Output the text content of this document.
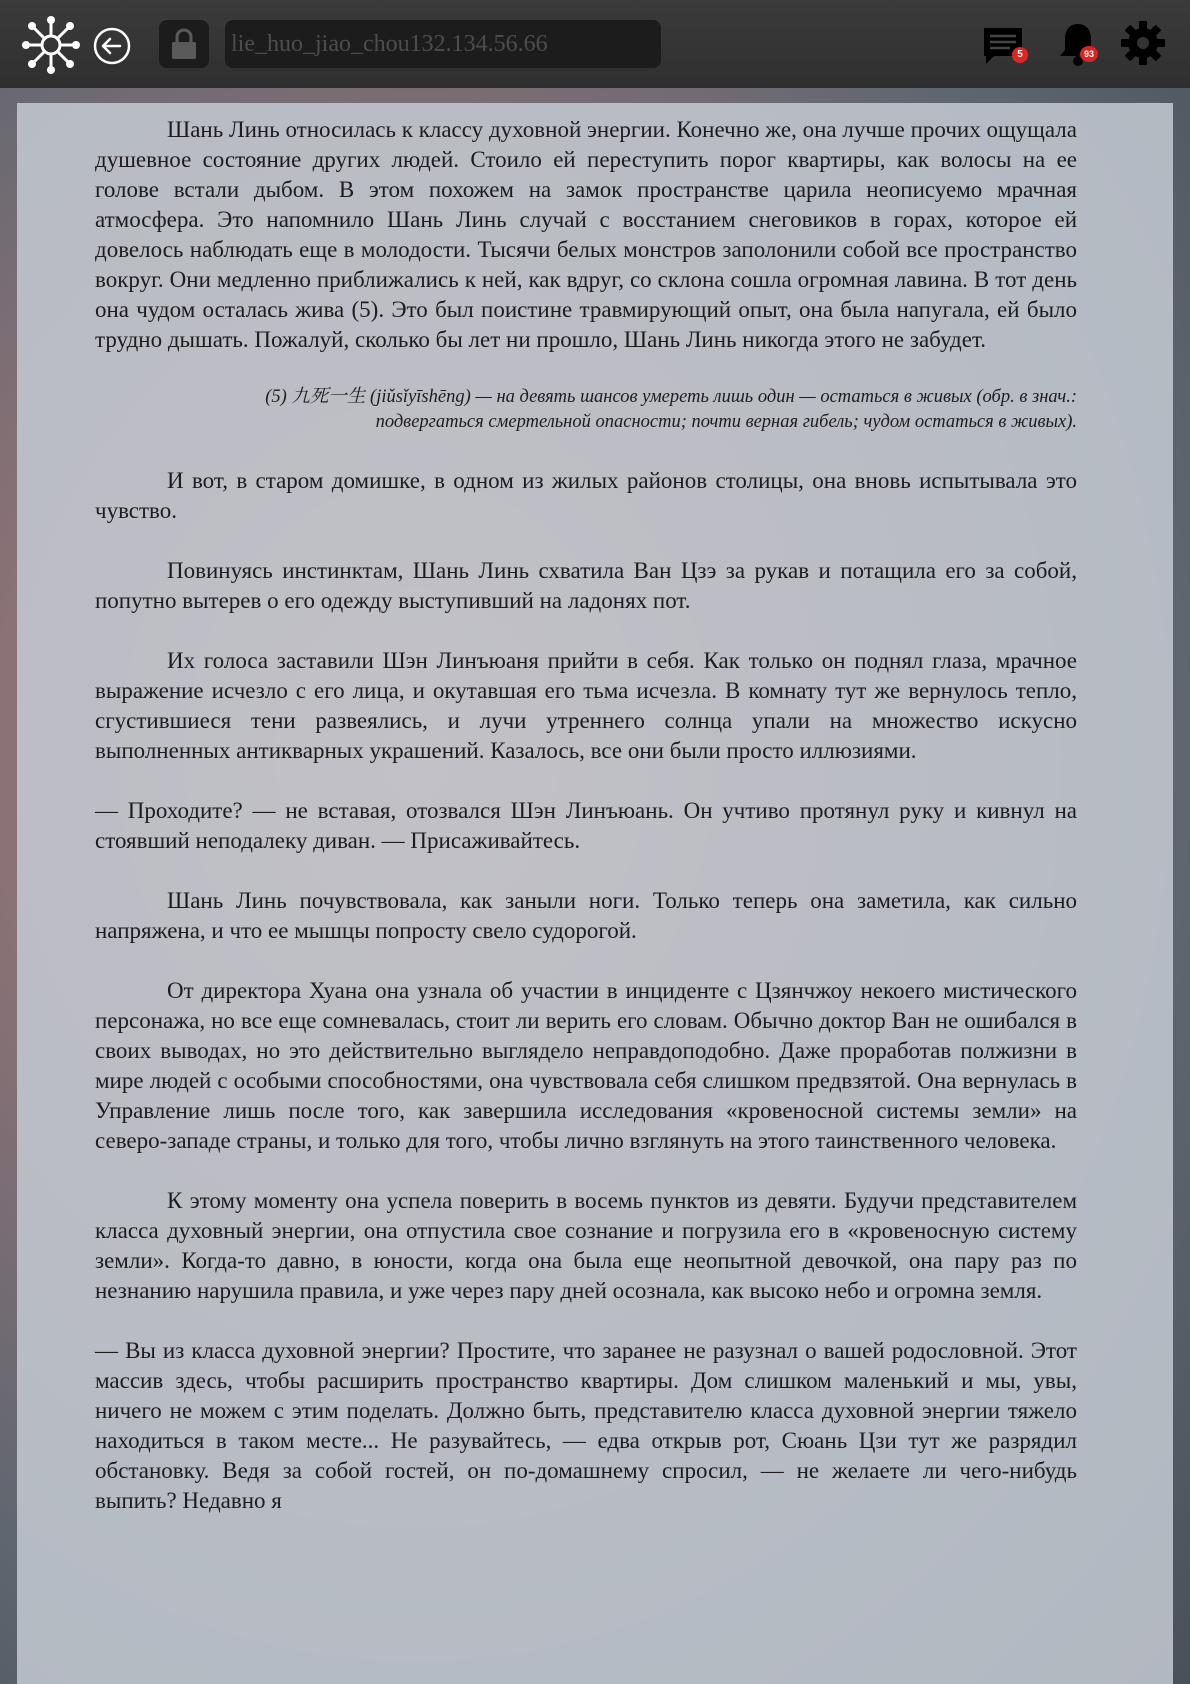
lie_huo_jiao_chou132.134.56.66	5	93

Шань Линь относилась к классу духовной энергии. Конечно же, она лучше прочих ощущала душевное состояние других людей. Стоило ей переступить порог квартиры, как волосы на ее голове встали дыбом. В этом похожем на замок пространстве царила неописуемо мрачная атмосфера. Это напомнило Шань Линь случай с восстанием снеговиков в горах, которое ей довелось наблюдать еще в молодости. Тысячи белых монстров заполонили собой все пространство вокруг. Они медленно приближались к ней, как вдруг, со склона сошла огромная лавина. В тот день она чудом осталась жива (5). Это был поистине травмирующий опыт, она была напугала, ей было трудно дышать. Пожалуй, сколько бы лет ни прошло, Шань Линь никогда этого не забудет.

(5) 九死一生 (jiǔsǐyīshēng) — на девять шансов умереть лишь один — остаться в живых (обр. в знач.: подвергаться смертельной опасности; почти верная гибель; чудом остаться в живых).

И вот, в старом домишке, в одном из жилых районов столицы, она вновь испытывала это чувство.

Повинуясь инстинктам, Шань Линь схватила Ван Цзэ за рукав и потащила его за собой, попутно вытерев о его одежду выступивший на ладонях пот.

Их голоса заставили Шэн Линъюаня прийти в себя. Как только он поднял глаза, мрачное выражение исчезло с его лица, и окутавшая его тьма исчезла. В комнату тут же вернулось тепло, сгустившиеся тени развеялись, и лучи утреннего солнца упали на множество искусно выполненных антикварных украшений. Казалось, все они были просто иллюзиями.

— Проходите? — не вставая, отозвался Шэн Линъюань. Он учтиво протянул руку и кивнул на стоявший неподалеку диван. — Присаживайтесь.

Шань Линь почувствовала, как заныли ноги. Только теперь она заметила, как сильно напряжена, и что ее мышцы попросту свело судорогой.

От директора Хуана она узнала об участии в инциденте с Цзянчжоу некоего мистического персонажа, но все еще сомневалась, стоит ли верить его словам. Обычно доктор Ван не ошибался в своих выводах, но это действительно выглядело неправдоподобно. Даже проработав полжизни в мире людей с особыми способностями, она чувствовала себя слишком предвзятой. Она вернулась в Управление лишь после того, как завершила исследования «кровеносной системы земли» на северо-западе страны, и только для того, чтобы лично взглянуть на этого таинственного человека.

К этому моменту она успела поверить в восемь пунктов из девяти. Будучи представителем класса духовный энергии, она отпустила свое сознание и погрузила его в «кровеносную систему земли». Когда-то давно, в юности, когда она была еще неопытной девочкой, она пару раз по незнанию нарушила правила, и уже через пару дней осознала, как высоко небо и огромна земля.

— Вы из класса духовной энергии? Простите, что заранее не разузнал о вашей родословной. Этот массив здесь, чтобы расширить пространство квартиры. Дом слишком маленький и мы, увы, ничего не можем с этим поделать. Должно быть, представителю класса духовной энергии тяжело находиться в таком месте... Не разувайтесь, — едва открыв рот, Сюань Цзи тут же разрядил обстановку. Ведя за собой гостей, он по-домашнему спросил, — не желаете ли чего-нибудь выпить? Недавно я
